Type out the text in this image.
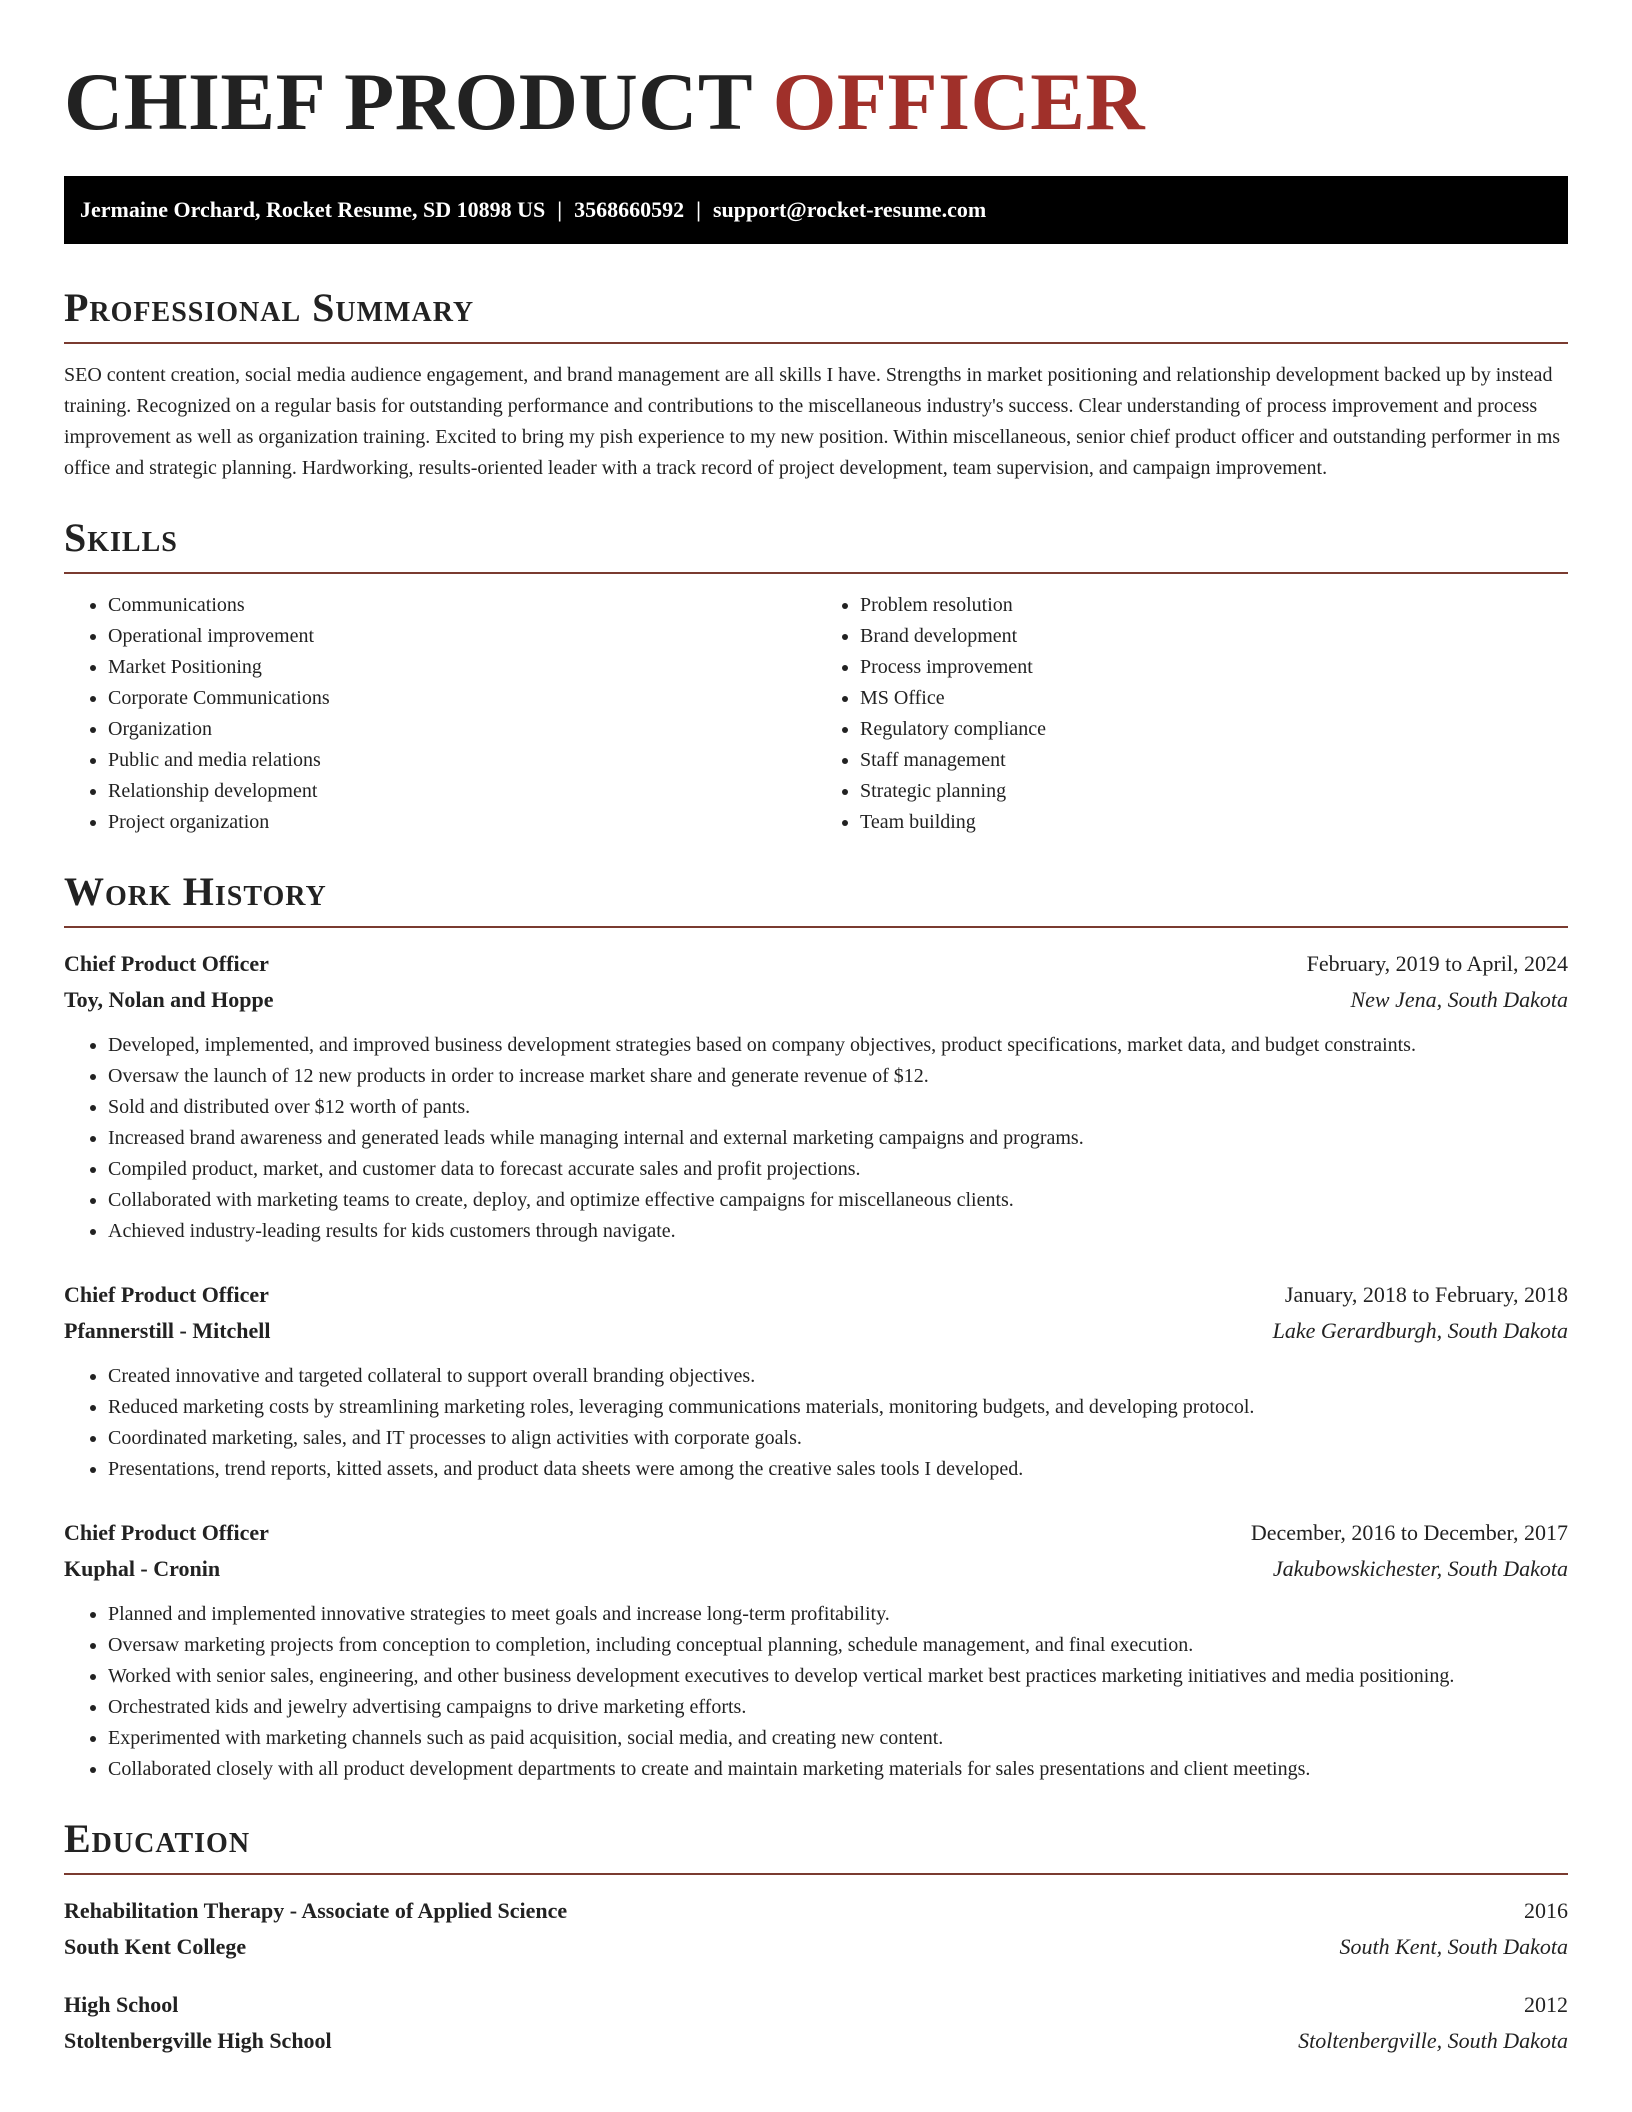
CHIEF PRODUCT OFFICER
Jermaine Orchard, Rocket Resume, SD 10898 US | 3568660592 | support@rocket-resume.com
Professional Summary

SEO content creation, social media audience engagement, and brand management are all skills I have. Strengths in market positioning and relationship development backed up by instead training. Recognized on a regular basis for outstanding performance and contributions to the miscellaneous industry's success. Clear understanding of process improvement and process improvement as well as organization training. Excited to bring my pish experience to my new position. Within miscellaneous, senior chief product officer and outstanding performer in ms office and strategic planning. Hardworking, results-oriented leader with a track record of project development, team supervision, and campaign improvement.

Skills
• Communications
• Operational improvement
• Market Positioning
• Corporate Communications
• Organization
• Public and media relations
• Relationship development
• Project organization
• Problem resolution
• Brand development
• Process improvement
• MS Office
• Regulatory compliance
• Staff management
• Strategic planning
• Team building
Work History
Chief Product Officer	February, 2019 to April, 2024
Toy, Nolan and Hoppe	New Jena, South Dakota
• Developed, implemented, and improved business development strategies based on company objectives, product specifications, market data, and budget constraints.
• Oversaw the launch of 12 new products in order to increase market share and generate revenue of $12.
• Sold and distributed over $12 worth of pants.
• Increased brand awareness and generated leads while managing internal and external marketing campaigns and programs.
• Compiled product, market, and customer data to forecast accurate sales and profit projections.
• Collaborated with marketing teams to create, deploy, and optimize effective campaigns for miscellaneous clients.
• Achieved industry-leading results for kids customers through navigate.
Chief Product Officer	January, 2018 to February, 2018
Pfannerstill - Mitchell	Lake Gerardburgh, South Dakota
• Created innovative and targeted collateral to support overall branding objectives.
• Reduced marketing costs by streamlining marketing roles, leveraging communications materials, monitoring budgets, and developing protocol.
• Coordinated marketing, sales, and IT processes to align activities with corporate goals.
• Presentations, trend reports, kitted assets, and product data sheets were among the creative sales tools I developed.
Chief Product Officer	December, 2016 to December, 2017
Kuphal - Cronin	Jakubowskichester, South Dakota
• Planned and implemented innovative strategies to meet goals and increase long-term profitability.
• Oversaw marketing projects from conception to completion, including conceptual planning, schedule management, and final execution.
• Worked with senior sales, engineering, and other business development executives to develop vertical market best practices marketing initiatives and media positioning.
• Orchestrated kids and jewelry advertising campaigns to drive marketing efforts.
• Experimented with marketing channels such as paid acquisition, social media, and creating new content.
• Collaborated closely with all product development departments to create and maintain marketing materials for sales presentations and client meetings.
Education
Rehabilitation Therapy - Associate of Applied Science	2016
South Kent College	South Kent, South Dakota
High School	2012
Stoltenbergville High School	Stoltenbergville, South Dakota
